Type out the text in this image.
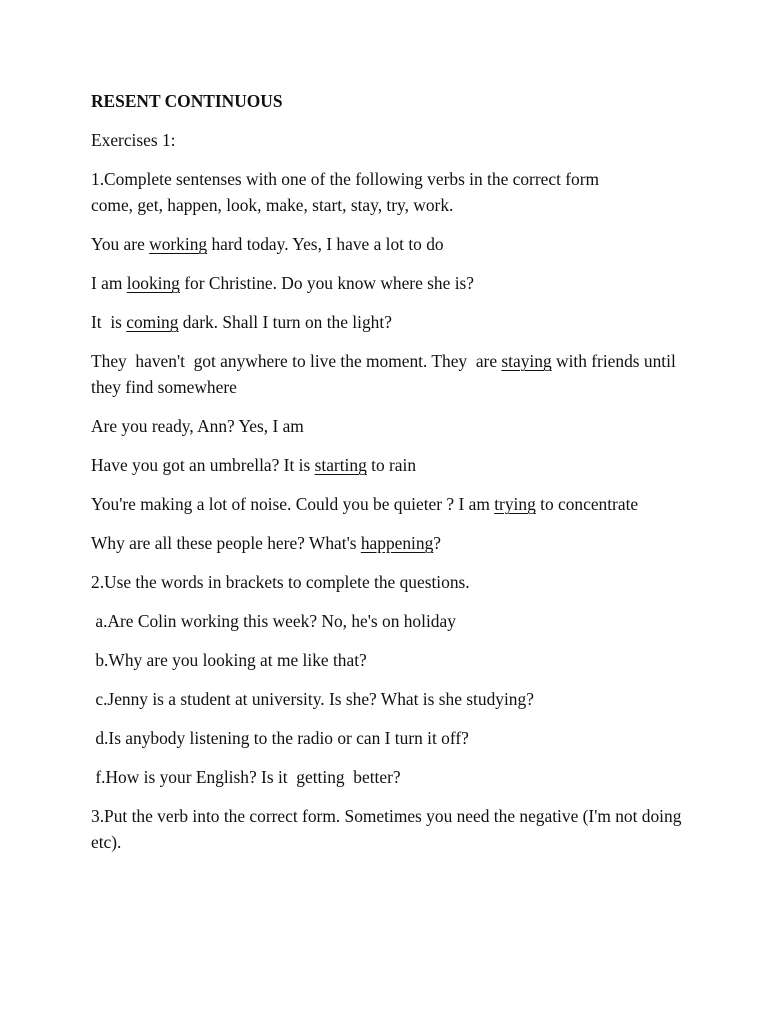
RESENT CONTINUOUS
Exercises 1:
1.Complete sentenses with one of the following verbs in the correct form
come, get, happen, look, make, start, stay, try, work.
You are working hard today. Yes, I have a lot to do
I am looking for Christine. Do you know where she is?
It  is coming dark. Shall I turn on the light?
They  haven't  got anywhere to live the moment. They  are staying with friends until they find somewhere
Are you ready, Ann? Yes, I am
Have you got an umbrella? It is starting to rain
You're making a lot of noise. Could you be quieter ? I am trying to concentrate
Why are all these people here? What's happening?
2.Use the words in brackets to complete the questions.
a.Are Colin working this week? No, he's on holiday
b.Why are you looking at me like that?
c.Jenny is a student at university. Is she? What is she studying?
d.Is anybody listening to the radio or can I turn it off?
f.How is your English? Is it  getting  better?
3.Put the verb into the correct form. Sometimes you need the negative (I'm not doing etc).
